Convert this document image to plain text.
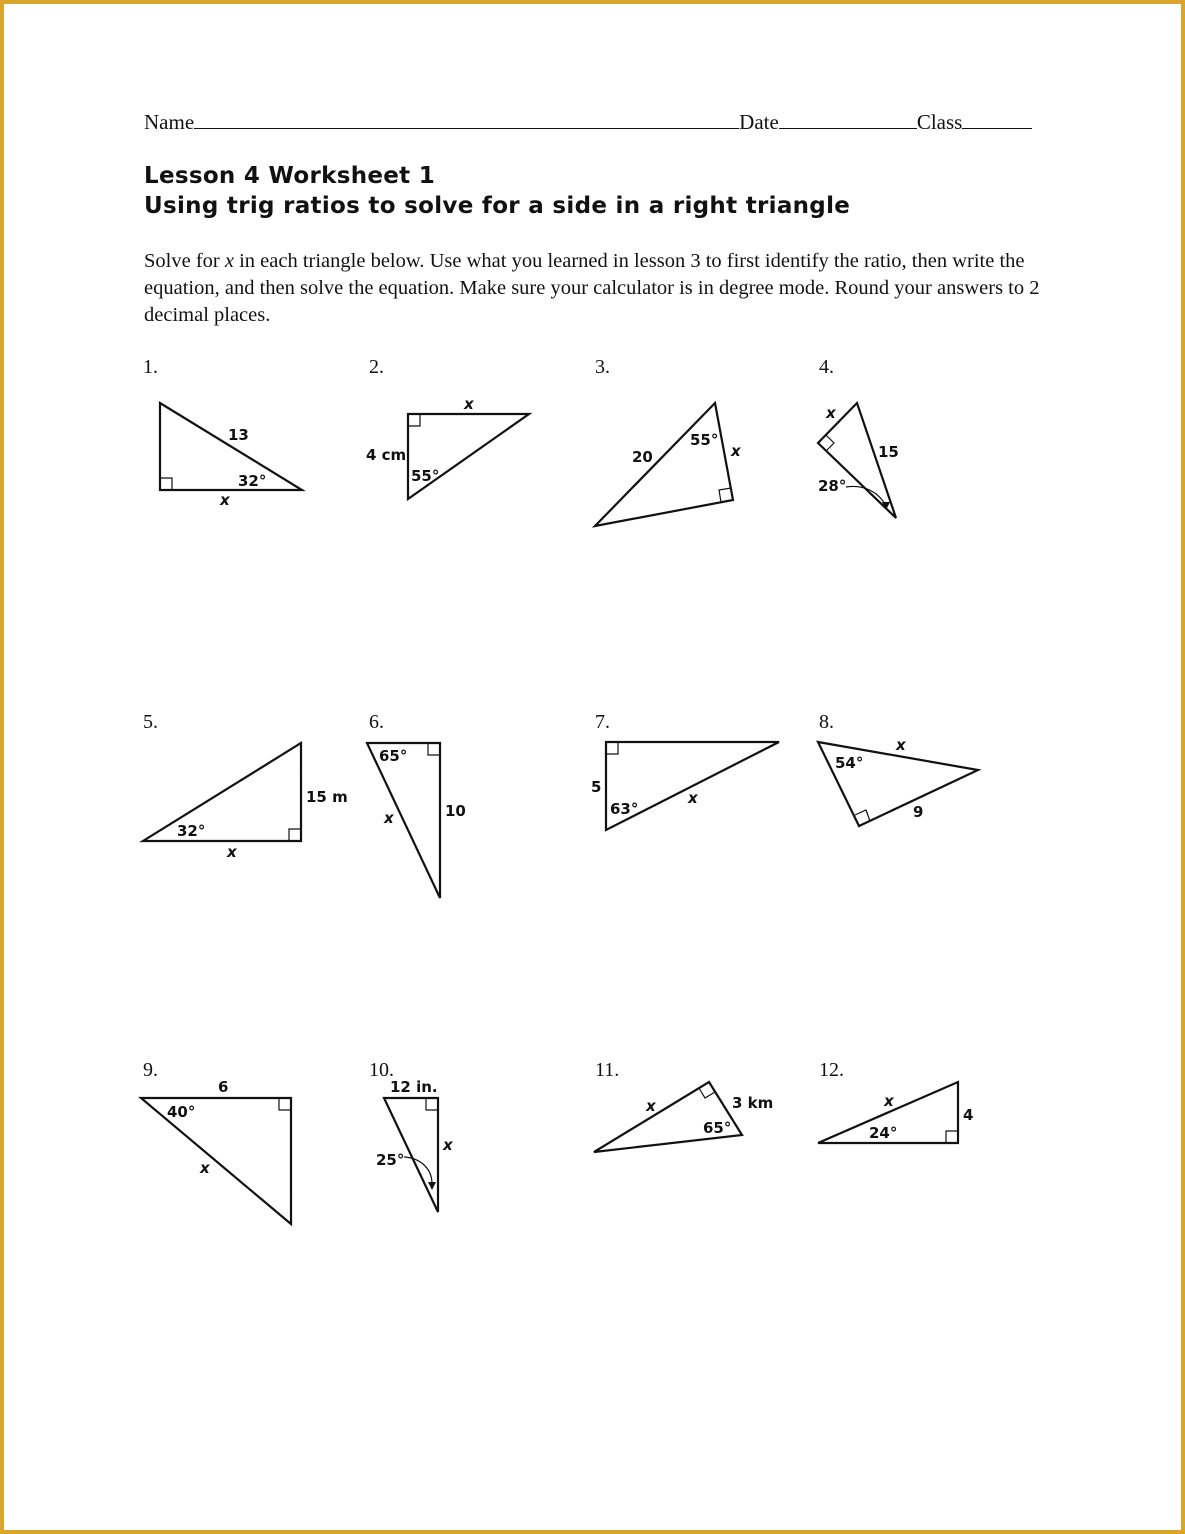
Name	Date	Class
Lesson 4 Worksheet 1
Using trig ratios to solve for a side in a right triangle
Solve for x in each triangle below. Use what you learned in lesson 3 to first identify the ratio, then write the equation, and then solve the equation. Make sure your calculator is in degree mode. Round your answers to 2 decimal places.
1.	2.	3.	4.
5.	6.	7.	8.
9.	10.	11.	12.
13
32°
x
x
4 cm
55°
20
55°
x
x
15
28°
15 m
32°
x
65°
x	10
5
63°
x
x
54°
9
6
40°
x
12 in.
x
25°
x	3 km
65°
x
4
24°
